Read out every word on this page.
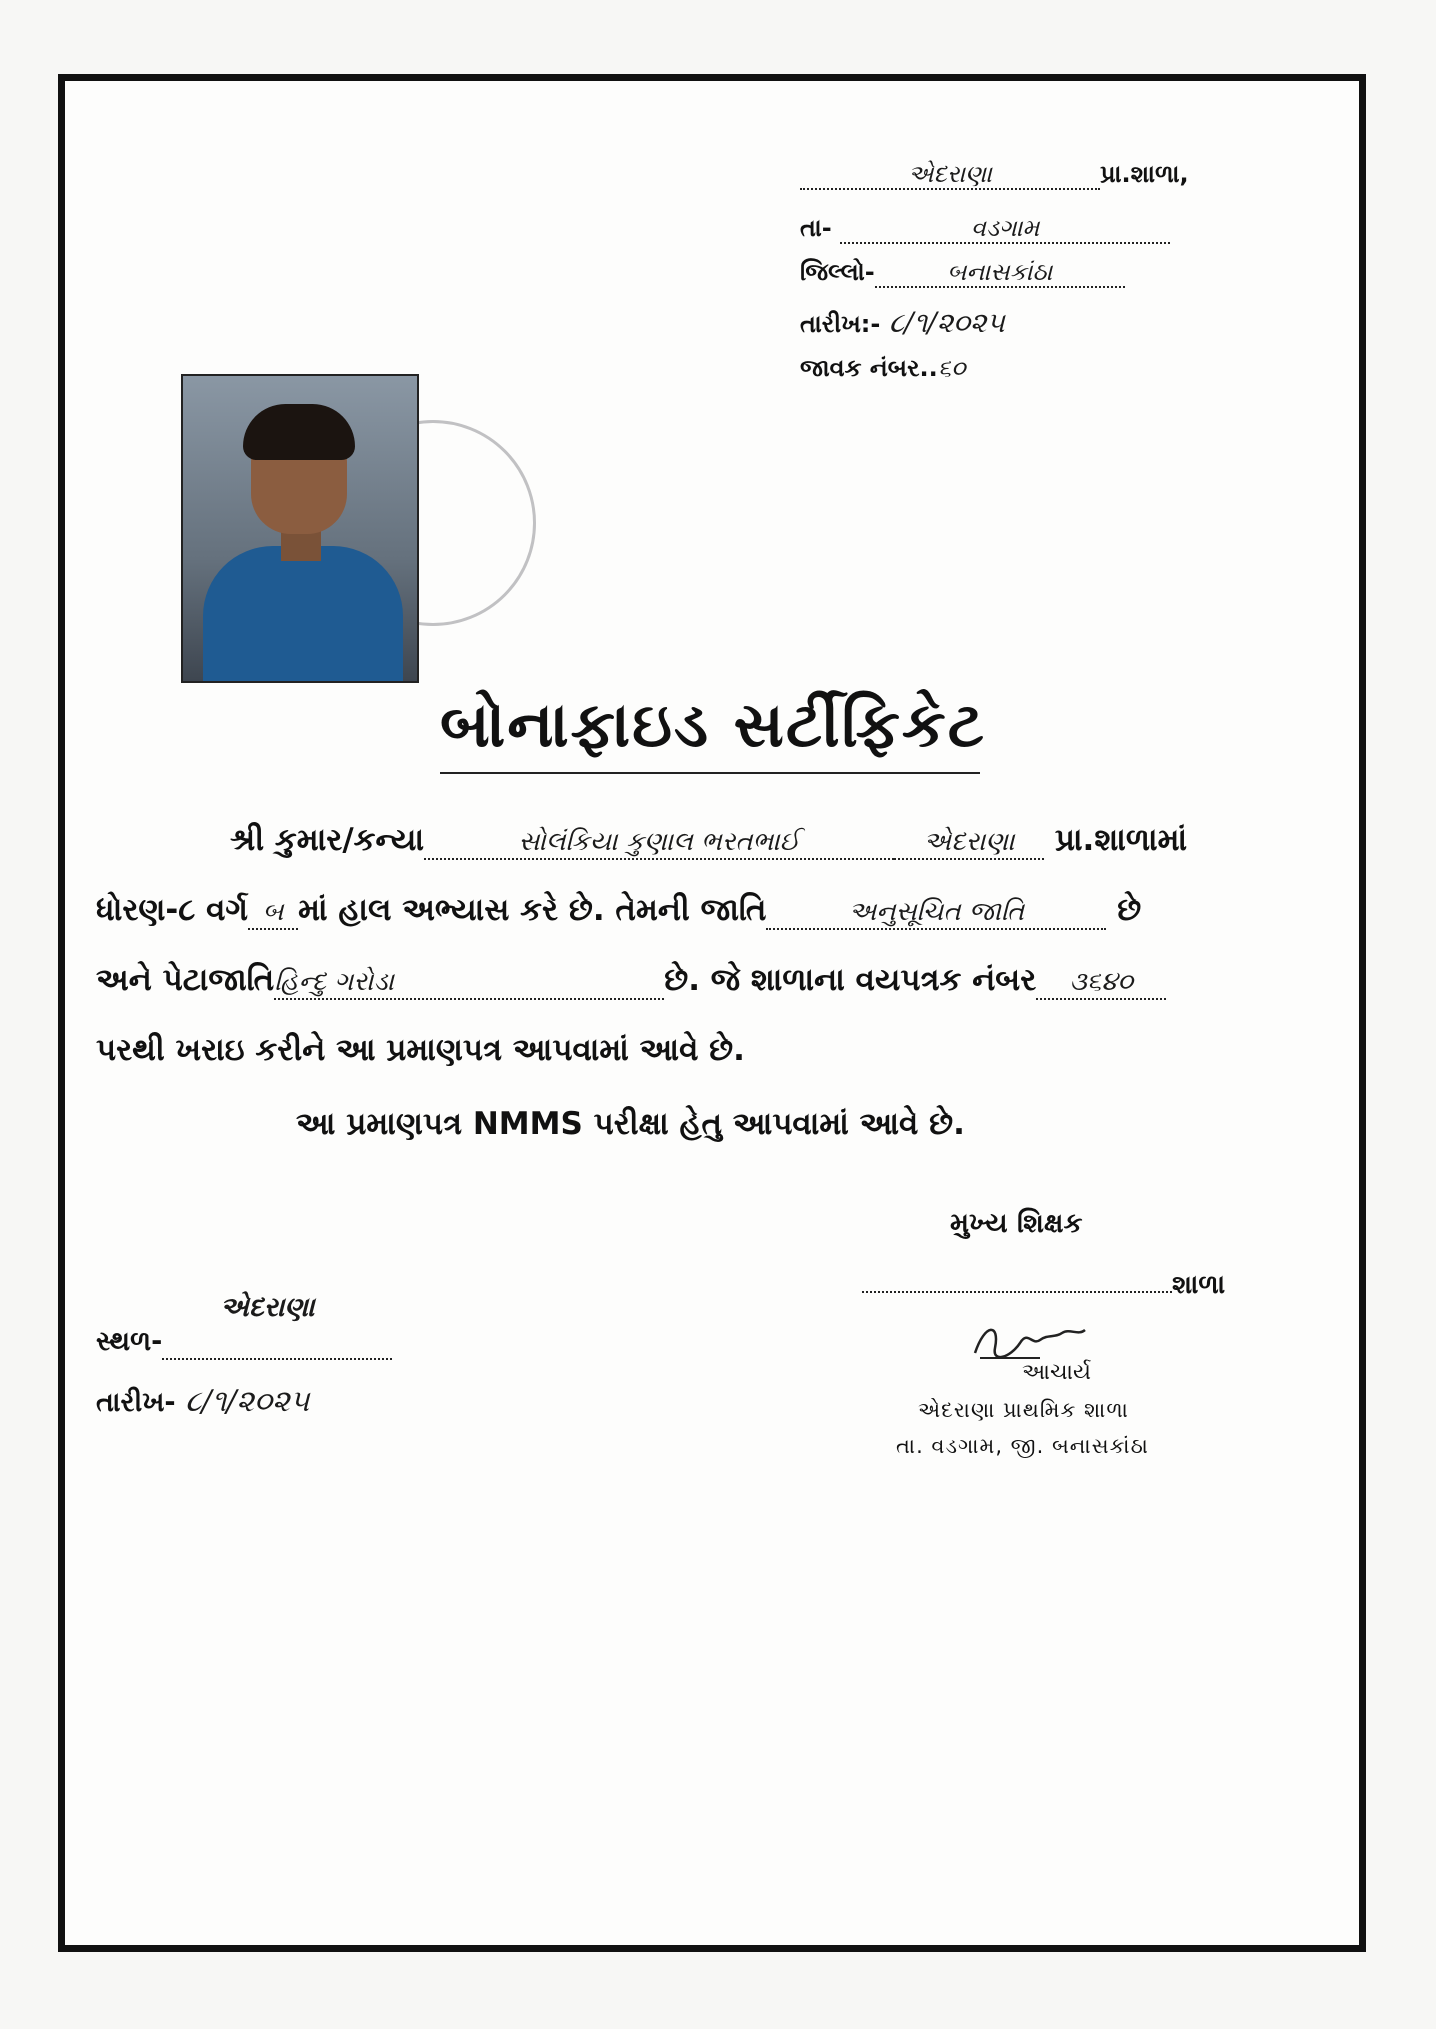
એદરાણા	પ્રા.શાળા,
તા-	વડગામ
જિલ્લો-	બનાસકાંઠા
તારીખ:- ૮/૧/૨૦૨૫
જાવક નંબર..૬૦
બોનાફાઇડ સર્ટીફિકેટ
શ્રી કુમાર/કન્યા	સોલંકિયા કુણાલ ભરતભાઈ	એદરાણા પ્રા.શાળામાં
ધોરણ-૮ વર્ગ બ માં હાલ અભ્યાસ કરે છે. તેમની જાતિ	અનુસૂચિત જાતિ	છે
અને પેટાજાતિહિન્દુ ગરોડા	છે. જે શાળાના વયપત્રક નંબર ૩૬૪૦
પરથી ખરાઇ કરીને આ પ્રમાણપત્ર આપવામાં આવે છે.
આ પ્રમાણપત્ર NMMS પરીક્ષા હેતુ આપવામાં આવે છે.
મુખ્ય શિક્ષક
શાળા
આચાર્ય
એદરાણા પ્રાથમિક શાળા
તા. વડગામ, જી. બનાસકાંઠા
સ્થળ-એદરાણા
તારીખ- ૮/૧/૨૦૨૫
